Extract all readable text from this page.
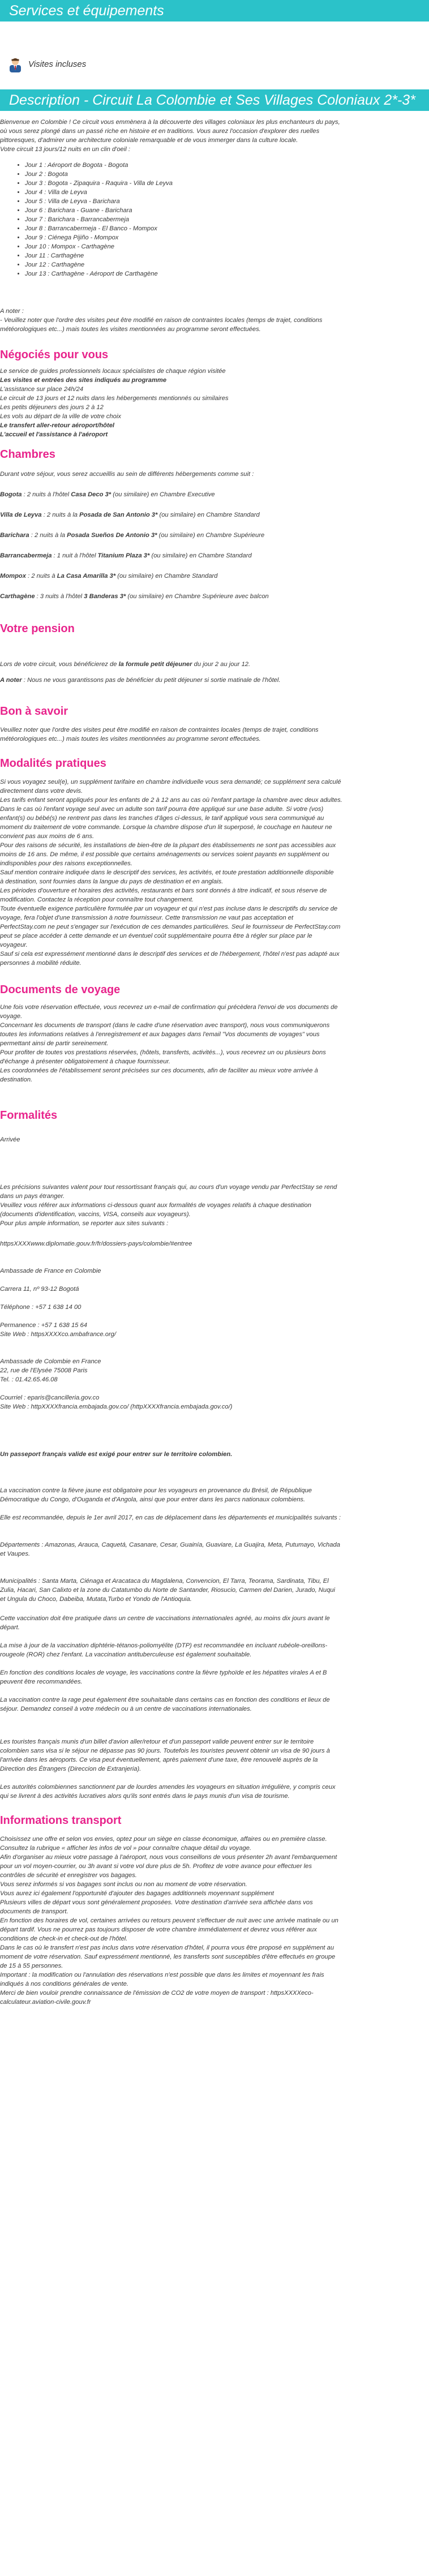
Services et équipements
Visites incluses
Description - Circuit La Colombie et Ses Villages Coloniaux 2*-3*

Bienvenue en Colombie ! Ce circuit vous emmènera à la découverte des villages coloniaux les plus enchanteurs du pays,

où vous serez plongé dans un passé riche en histoire et en traditions. Vous aurez l'occasion d'explorer des ruelles

pittoresques, d'admirer une architecture coloniale remarquable et de vous immerger dans la culture locale.

Votre circuit 13 jours/12 nuits en un clin d'oeil :

• Jour 1 : Aéroport de Bogota - Bogota
• Jour 2 : Bogota
• Jour 3 : Bogota - Zipaquira - Raquira - Villa de Leyva
• Jour 4 : Villa de Leyva
• Jour 5 : Villa de Leyva - Barichara
• Jour 6 : Barichara - Guane - Barichara
• Jour 7 : Barichara - Barrancabermeja
• Jour 8 : Barrancabermeja - El Banco - Mompox
• Jour 9 : Ciénega Pijiño - Mompox
• Jour 10 : Mompox - Carthagène
• Jour 11 : Carthagène
• Jour 12 : Carthagène
• Jour 13 : Carthagène - Aéroport de Carthagène

A noter :

- Veuillez noter que l'ordre des visites peut être modifié en raison de contraintes locales (temps de trajet, conditions

météorologiques etc...) mais toutes les visites mentionnées au programme seront effectuées.

Négociés pour vous

Le service de guides professionnels locaux spécialistes de chaque région visitée

Les visites et entrées des sites indiqués au programme

L'assistance sur place 24h/24

Le circuit de 13 jours et 12 nuits dans les hébergements mentionnés ou similaires

Les petits déjeuners des jours 2 à 12

Les vols au départ de la ville de votre choix

Le transfert aller-retour aéroport/hôtel

L'accueil et l'assistance à l'aéroport

Chambres

Durant votre séjour, vous serez accueillis au sein de différents hébergements comme suit :

Bogota : 2 nuits à l'hôtel Casa Deco 3* (ou similaire) en Chambre Executive

Villa de Leyva : 2 nuits à la Posada de San Antonio 3* (ou similaire) en Chambre Standard

Barichara : 2 nuits à la Posada Sueños De Antonio 3* (ou similaire) en Chambre Supérieure

Barrancabermeja : 1 nuit à l'hôtel Titanium Plaza 3* (ou similaire) en Chambre Standard

Mompox : 2 nuits à La Casa Amarilla 3* (ou similaire) en Chambre Standard

Carthagène : 3 nuits à l'hôtel 3 Banderas 3* (ou similaire) en Chambre Supérieure avec balcon

Votre pension

Lors de votre circuit, vous bénéficierez de la formule petit déjeuner du jour 2 au jour 12.

A noter : Nous ne vous garantissons pas de bénéficier du petit déjeuner si sortie matinale de l'hôtel.

Bon à savoir

Veuillez noter que l'ordre des visites peut être modifié en raison de contraintes locales (temps de trajet, conditions

météorologiques etc...) mais toutes les visites mentionnées au programme seront effectuées.

Modalités pratiques

Si vous voyagez seul(e), un supplément tarifaire en chambre individuelle vous sera demandé; ce supplément sera calculé

directement dans votre devis.

Les tarifs enfant seront appliqués pour les enfants de 2 à 12 ans au cas où l'enfant partage la chambre avec deux adultes.

Dans le cas où l'enfant voyage seul avec un adulte son tarif pourra être appliqué sur une base adulte. Si votre (vos)

enfant(s) ou bébé(s) ne rentrent pas dans les tranches d'âges ci-dessus, le tarif appliqué vous sera communiqué au

moment du traitement de votre commande. Lorsque la chambre dispose d'un lit superposé, le couchage en hauteur ne

convient pas aux moins de 6 ans.

Pour des raisons de sécurité, les installations de bien-être de la plupart des établissements ne sont pas accessibles aux

moins de 16 ans. De même, il est possible que certains aménagements ou services soient payants en supplément ou

indisponibles pour des raisons exceptionnelles.

Sauf mention contraire indiquée dans le descriptif des services, les activités, et toute prestation additionnelle disponible

à destination, sont fournies dans la langue du pays de destination et en anglais.

Les périodes d'ouverture et horaires des activités, restaurants et bars sont donnés à titre indicatif, et sous réserve de

modification. Contactez la réception pour connaître tout changement.

Toute éventuelle exigence particulière formulée par un voyageur et qui n'est pas incluse dans le descriptifs du service de

voyage, fera l'objet d'une transmission à notre fournisseur. Cette transmission ne vaut pas acceptation et

PerfectStay.com ne peut s'engager sur l'exécution de ces demandes particulières. Seul le fournisseur de PerfectStay.com

peut se place accéder à cette demande et un éventuel coût supplémentaire pourra être à régler sur place par le

voyageur.

Sauf si cela est expressément mentionné dans le descriptif des services et de l'hébergement, l'hôtel n'est pas adapté aux

personnes à mobilité réduite.

Documents de voyage

Une fois votre réservation effectuée, vous recevrez un e-mail de confirmation qui précèdera l'envoi de vos documents de

voyage.

Concernant les documents de transport (dans le cadre d'une réservation avec transport), nous vous communiquerons

toutes les informations relatives à l'enregistrement et aux bagages dans l'email "Vos documents de voyages" vous

permettant ainsi de partir sereinement.

Pour profiter de toutes vos prestations réservées, (hôtels, transferts, activités...), vous recevrez un ou plusieurs bons

d'échange à présenter obligatoirement à chaque fournisseur.

Les coordonnées de l'établissement seront précisées sur ces documents, afin de faciliter au mieux votre arrivée à

destination.

Formalités

Arrivée

Les précisions suivantes valent pour tout ressortissant français qui, au cours d'un voyage vendu par PerfectStay se rend

dans un pays étranger.

Veuillez vous référer aux informations ci-dessous quant aux formalités de voyages relatifs à chaque destination

(documents d'identification, vaccins, VISA, conseils aux voyageurs).

Pour plus ample information, se reporter aux sites suivants :

httpsXXXXwww.diplomatie.gouv.fr/fr/dossiers-pays/colombie/#entree

Ambassade de France en Colombie

Carrera 11, nº 93-12 Bogotá

Téléphone : +57 1 638 14 00

Permanence : +57 1 638 15 64

Site Web : httpsXXXXco.ambafrance.org/

Ambassade de Colombie en France

22, rue de l'Elysée 75008 Paris

Tel. : 01.42.65.46.08

Courriel : eparis@cancilleria.gov.co

Site Web : httpXXXXfrancia.embajada.gov.co/ (httpXXXXfrancia.embajada.gov.co/)

Un passeport français valide est exigé pour entrer sur le territoire colombien.

La vaccination contre la fièvre jaune est obligatoire pour les voyageurs en provenance du Brésil, de République

Démocratique du Congo, d'Ouganda et d'Angola, ainsi que pour entrer dans les parcs nationaux colombiens.

Elle est recommandée, depuis le 1er avril 2017, en cas de déplacement dans les départements et municipalités suivants :

Départements : Amazonas, Arauca, Caquetá, Casanare, Cesar, Guainía, Guaviare, La Guajira, Meta, Putumayo, Vichada

et Vaupes.

Municipalités : Santa Marta, Ciénaga et Aracataca du Magdalena, Convencion, El Tarra, Teorama, Sardinata, Tibu, El

Zulia, Hacari, San Calixto et la zone du Catatumbo du Norte de Santander, Riosucio, Carmen del Darien, Jurado, Nuqui

et Ungula du Choco, Dabeiba, Mutata,Turbo et Yondo de l'Antioquia.

Cette vaccination doit être pratiquée dans un centre de vaccinations internationales agréé, au moins dix jours avant le

départ.

La mise à jour de la vaccination diphtérie-tétanos-poliomyélite (DTP) est recommandée en incluant rubéole-oreillons-

rougeole (ROR) chez l'enfant. La vaccination antituberculeuse est également souhaitable.

En fonction des conditions locales de voyage, les vaccinations contre la fièvre typhoïde et les hépatites virales A et B

peuvent être recommandées.

La vaccination contre la rage peut également être souhaitable dans certains cas en fonction des conditions et lieux de

séjour. Demandez conseil à votre médecin ou à un centre de vaccinations internationales.

Les touristes français munis d'un billet d'avion aller/retour et d'un passeport valide peuvent entrer sur le territoire

colombien sans visa si le séjour ne dépasse pas 90 jours. Toutefois les touristes peuvent obtenir un visa de 90 jours à

l'arrivée dans les aéroports. Ce visa peut éventuellement, après paiement d'une taxe, être renouvelé auprès de la

Direction des Étrangers (Direccion de Extranjeria).

Les autorités colombiennes sanctionnent par de lourdes amendes les voyageurs en situation irrégulière, y compris ceux

qui se livrent à des activités lucratives alors qu'ils sont entrés dans le pays munis d'un visa de tourisme.

Informations transport

Choisissez une offre et selon vos envies, optez pour un siège en classe économique, affaires ou en première classe.

Consultez la rubrique « afficher les infos de vol » pour connaître chaque détail du voyage.

Afin d'organiser au mieux votre passage à l'aéroport, nous vous conseillons de vous présenter 2h avant l'embarquement

pour un vol moyen-courrier, ou 3h avant si votre vol dure plus de 5h. Profitez de votre avance pour effectuer les

contrôles de sécurité et enregistrer vos bagages.

Vous serez informés si vos bagages sont inclus ou non au moment de votre réservation.

Vous aurez ici également l'opportunité d'ajouter des bagages additionnels moyennant supplément

Plusieurs villes de départ vous sont généralement proposées. Votre destination d'arrivée sera affichée dans vos

documents de transport.

En fonction des horaires de vol, certaines arrivées ou retours peuvent s'effectuer de nuit avec une arrivée matinale ou un

départ tardif. Vous ne pourrez pas toujours disposer de votre chambre immédiatement et devrez vous référer aux

conditions de check-in et check-out de l'hôtel.

Dans le cas où le transfert n'est pas inclus dans votre réservation d'hôtel, il pourra vous être proposé en supplément au

moment de votre réservation. Sauf expressément mentionné, les transferts sont susceptibles d'être effectués en groupe

de 15 à 55 personnes.

Important : la modification ou l'annulation des réservations n'est possible que dans les limites et moyennant les frais

indiqués à nos conditions générales de vente.

Merci de bien vouloir prendre connaissance de l'émission de CO2 de votre moyen de transport : httpsXXXXeco-

calculateur.aviation-civile.gouv.fr
